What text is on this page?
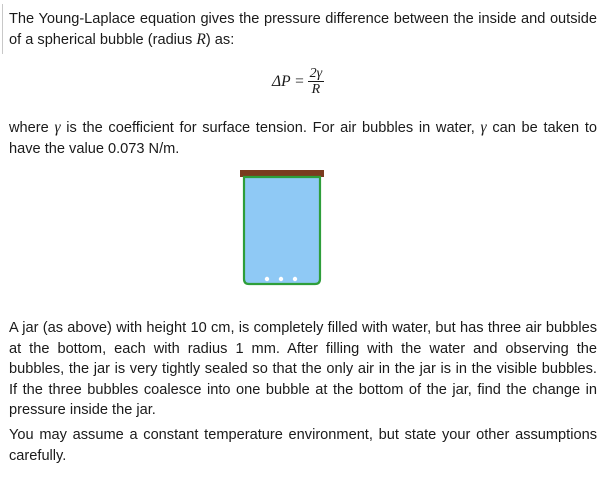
The Young-Laplace equation gives the pressure difference between the inside and outside of a spherical bubble (radius R) as:

$\Delta P = \frac{2\gamma}{R}$

where γ is the coefficient for surface tension. For air bubbles in water, γ can be taken to have the value 0.073 N/m.

A jar (as above) with height 10 cm, is completely filled with water, but has three air bubbles at the bottom, each with radius 1 mm. After filling with the water and observing the bubbles, the jar is very tightly sealed so that the only air in the jar is in the visible bubbles. If the three bubbles coalesce into one bubble at the bottom of the jar, find the change in pressure inside the jar.

You may assume a constant temperature environment, but state your other assumptions carefully.
